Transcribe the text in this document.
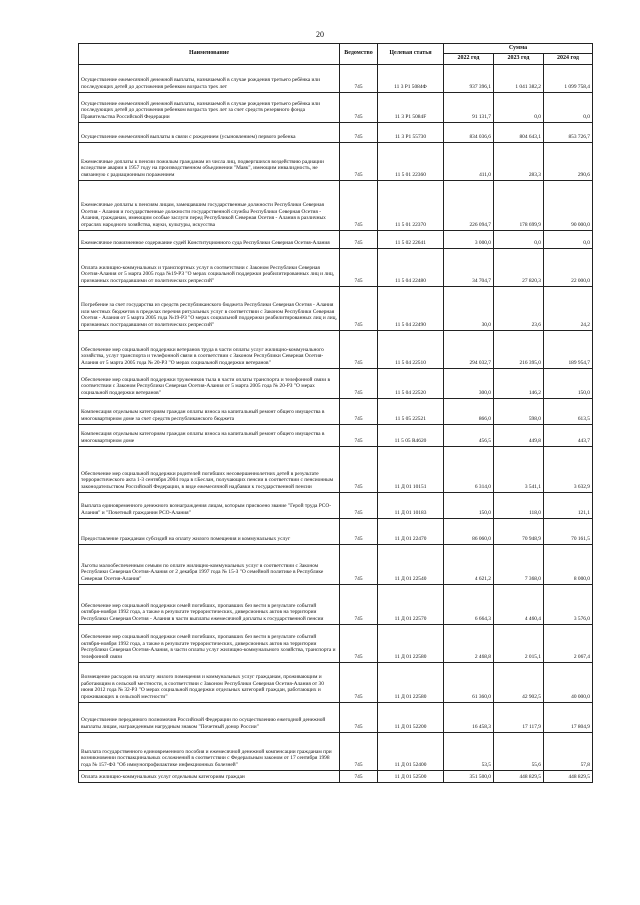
20
Наименование	Ведомство	Целевая статья	Сумма		
			2022 год	2023 год	2024 год
Осуществление ежемесячной денежной выплаты, назначаемой в случае рождения третьего ребёнка или последующих детей до достижения ребенком возраста трех лет	745	11 3 Р1 5084Ф	937 396,1	1 041 382,2	1 099 758,4
Осуществление ежемесячной денежной выплаты, назначаемой в случае рождения третьего ребёнка или последующих детей до достижения ребенком возраста трех лет за счет средств резервного фонда Правительства Российской Федерации	745	11 3 Р1 5084F	91 131,7	0,0	0,0
Осуществление ежемесячной выплаты в связи с рождением (усыновлением) первого ребенка	745	11 3 Р1 55730	834 036,6	804 643,1	853 726,7
Ежемесячные доплаты к пенсии пожилым гражданам из числа лиц, подвергшихся воздействию радиации вследствие аварии в 1957 году на производственном объединении "Маяк", имеющим инвалидность, не связанную с радиационным поражением	745	11 5 01 22360	411,0	283,3	290,6
Ежемесячные доплаты к пенсиям лицам, замещавшим государственные должности Республики Северная Осетия - Алания и государственные должности государственной службы Республики Северная Осетия - Алания, гражданам, имеющим особые заслуги перед Республикой Северная Осетия - Алания в различных отраслях народного хозяйства, науки, культуры, искусства	745	11 5 01 22370	226 094,7	178 699,9	90 000,0
Ежемесячное пожизненное содержание судей Конституционного суда Республики Северная Осетия-Алания	745	11 5 02 22641	3 000,0	0,0	0,0
Оплата жилищно-коммунальных и транспортных услуг в соответствии с Законом Республики Северная Осетия-Алания от 5 марта 2005 года №19-РЗ "О мерах социальной поддержки реабилитированных лиц и лиц, признанных пострадавшими от политических репрессий"	745	11 5 04 22480	34 704,7	27 820,3	22 000,0
Погребение за счет государства из средств республиканского бюджета Республики Северная Осетия - Алания или местных бюджетов в пределах перечня ритуальных услуг в соответствии с Законом Республики Северная Осетия - Алания от 5 марта 2005 года №19-РЗ "О мерах социальной поддержки реабилитированных лиц и лиц, признанных пострадавшими от политических репрессий"	745	11 5 04 22490	30,0	23,6	24,2
Обеспечение мер социальной поддержки ветеранов труда в части оплаты услуг жилищно-коммунального хозяйства, услуг транспорта и телефонной связи в соответствии с Законом Республики Северная Осетия-Алания от 5 марта 2005 года № 20-РЗ "О мерах социальной поддержки ветеранов"	745	11 5 04 22510	294 032,7	216 395,0	189 954,7
Обеспечение мер социальной поддержки тружеников тыла в части оплаты транспорта и телефонной связи в соответствии с Законом Республики Северная Осетия-Алания от 5 марта 2005 года № 20-РЗ "О мерах социальной поддержки ветеранов"	745	11 5 04 22520	300,0	146,2	150,0
Компенсация отдельным категориям граждан оплаты взноса на капитальный ремонт общего имущества в многоквартирном доме за счет средств республиканского бюджета	745	11 5 05 22521	866,0	598,0	613,5
Компенсация отдельным категориям граждан оплаты взноса на капитальный ремонт общего имущества в многоквартирном доме	745	11 5 05 R4620	456,5	449,8	443,7
Обеспечение мер социальной поддержки родителей погибших несовершеннолетних детей в результате террористического акта 1-3 сентября 2004 года в г.Беслан, получающих пенсии в соответствии с пенсионным законодательством Российской Федерации, в виде ежемесячной надбавки к государственной пенсии	745	11 Д 01 10151	6 314,0	3 541,1	3 632,9
Выплата единовременного денежного вознаграждения лицам, которым присвоено звание "Герой труда РСО-Алания" и "Почетный гражданин РСО-Алания"	745	11 Д 01 10183	150,0	118,0	121,1
Предоставление гражданам субсидий на оплату жилого помещения и коммунальных услуг	745	11 Д 01 22470	86 060,0	70 948,9	70 161,5
Льготы малообеспеченным семьям по оплате жилищно-коммунальных услуг в соответствии с Законом Республики Северная Осетия-Алания от 2 декабря 1997 года № 15-З "О семейной политике в Республике Северная Осетия-Алания"	745	11 Д 01 22540	4 621,2	7 368,0	8 000,0
Обеспечение мер социальной поддержки семей погибших, пропавших без вести в результате событий октября-ноября 1992 года, а также в результате террористических, диверсионных актов на территории Республики Северная Осетия - Алания в части выплаты ежемесячной доплаты к государственной пенсии	745	11 Д 01 22570	6 664,3	4 460,4	3 576,0
Обеспечение мер социальной поддержки семей погибших, пропавших без вести в результате событий октября-ноября 1992 года, а также в результате террористических, диверсионных актов на территории Республики Северная Осетия-Алания, в части оплаты услуг жилищно-коммунального хозяйства, транспорта и телефонной связи	745	11 Д 01 22580	2 468,8	2 015,1	2 067,4
Возмещение расходов на оплату жилого помещения и коммунальных услуг гражданам, проживающим и работающим в сельской местности, в соответствии с Законом Республики Северная Осетия-Алания от 30 июня 2012 года № 32-РЗ "О мерах социальной поддержки отдельных категорий граждан, работающих и проживающих в сельской местности"	745	11 Д 01 22580	61 360,0	42 902,5	40 000,0
Осуществление переданного полномочия Российской Федерации по осуществлению ежегодной денежной выплаты лицам, награжденным нагрудным знаком "Почетный донор России"	745	11 Д 01 52200	16 458,3	17 117,9	17 804,9
Выплата государственного единовременного пособия и ежемесячной денежной компенсации гражданам при возникновении поствакцинальных осложнений в соответствии с Федеральным законом от 17 сентября 1998 года № 157-ФЗ "Об иммунопрофилактике инфекционных болезней"	745	11 Д 01 52400	53,5	55,6	57,8
Оплата жилищно-коммунальных услуг отдельным категориям граждан	745	11 Д 01 52500	351 500,0	448 829,5	448 829,5
